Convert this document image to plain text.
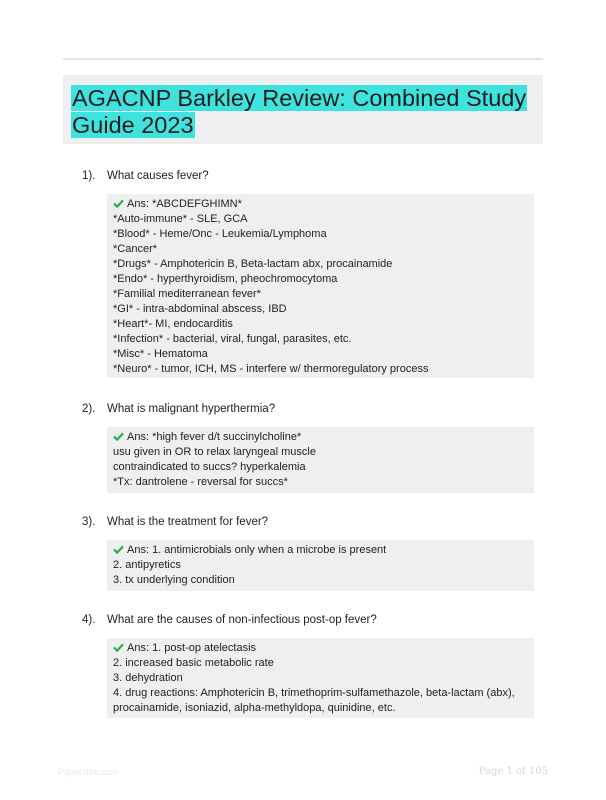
AGACNP Barkley Review: Combined Study Guide 2023
1). What causes fever?
Ans: *ABCDEFGHIMN*
*Auto-immune* - SLE, GCA
*Blood* - Heme/Onc - Leukemia/Lymphoma
*Cancer*
*Drugs* - Amphotericin B, Beta-lactam abx, procainamide
*Endo* - hyperthyroidism, pheochromocytoma
*Familial mediterranean fever*
*GI* - intra-abdominal abscess, IBD
*Heart*- MI, endocarditis
*Infection* - bacterial, viral, fungal, parasites, etc.
*Misc* - Hematoma
*Neuro* - tumor, ICH, MS - interfere w/ thermoregulatory process
2). What is malignant hyperthermia?
Ans: *high fever d/t succinylcholine*
usu given in OR to relax laryngeal muscle
contraindicated to succs? hyperkalemia
*Tx: dantrolene - reversal for succs*
3). What is the treatment for fever?
Ans: 1. antimicrobials only when a microbe is present
2. antipyretics
3. tx underlying condition
4). What are the causes of non-infectious post-op fever?
Ans: 1. post-op atelectasis
2. increased basic metabolic rate
3. dehydration
4. drug reactions: Amphotericin B, trimethoprim-sulfamethazole, beta-lactam (abx), procainamide, isoniazid, alpha-methyldopa, quinidine, etc.
Papersbrc.com	Page 1 of 105
